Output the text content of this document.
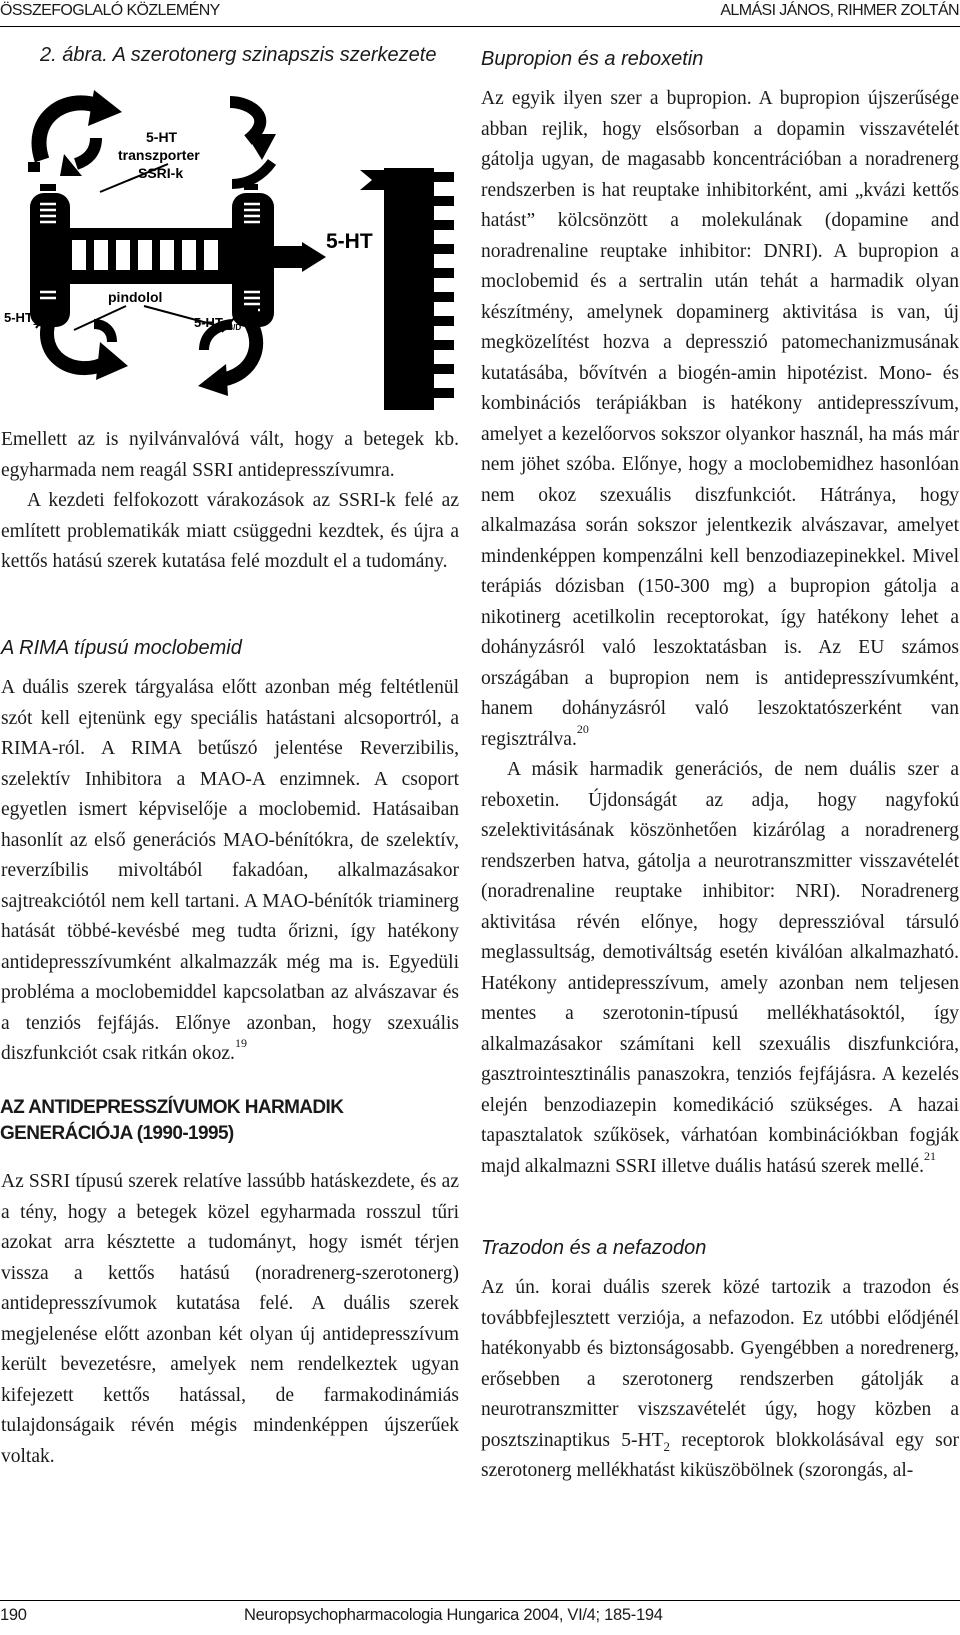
ÖSSZEFOGLALÓ KÖZLEMÉNY	ALMÁSI JÁNOS, RIHMER ZOLTÁN
2. ábra. A szerotonerg szinapszis szerkezete
5-HT
transzporter
SSRI-k
5-HT
pindolol
$5-HT_{1A}$	$5-HT_{1B/D}$

Emellett az is nyilvánvalóvá vált, hogy a betegek kb. egyharmada nem reagál SSRI antidepresszívumra.

A kezdeti felfokozott várakozások az SSRI-k felé az említett problematikák miatt csüggedni kezdtek, és újra a kettős hatású szerek kutatása felé mozdult el a tudomány.

A RIMA típusú moclobemid

A duális szerek tárgyalása előtt azonban még feltétlenül szót kell ejtenünk egy speciális hatástani alcsoportról, a RIMA-ról. A RIMA betűszó jelentése Reverzibilis, szelektív Inhibitora a MAO-A enzimnek. A csoport egyetlen ismert képviselője a moclobemid. Hatásaiban hasonlít az első generációs MAO-bénítókra, de szelektív, reverzíbilis mivoltából fakadóan, alkalmazásakor sajtreakciótól nem kell tartani. A MAO-bénítók triaminerg hatását többé-kevésbé meg tudta őrizni, így hatékony antidepresszívumként alkalmazzák még ma is. Egyedüli probléma a moclobemiddel kapcsolatban az alvászavar és a tenziós fejfájás. Előnye azonban, hogy szexuális diszfunkciót csak ritkán okoz.$^{19}$

AZ ANTIDEPRESSZÍVUMOK HARMADIK
GENERÁCIÓJA (1990-1995)

Az SSRI típusú szerek relatíve lassúbb hatáskezdete, és az a tény, hogy a betegek közel egyharmada rosszul tűri azokat arra késztette a tudományt, hogy ismét térjen vissza a kettős hatású (noradrenerg-szerotonerg) antidepresszívumok kutatása felé. A duális szerek megjelenése előtt azonban két olyan új antidepresszívum került bevezetésre, amelyek nem rendelkeztek ugyan kifejezett kettős hatással, de farmakodinámiás tulajdonságaik révén mégis mindenképpen újszerűek voltak.

Bupropion és a reboxetin

Az egyik ilyen szer a bupropion. A bupropion újszerűsége abban rejlik, hogy elsősorban a dopamin visszavételét gátolja ugyan, de magasabb koncentrációban a noradrenerg rendszerben is hat reuptake inhibitorként, ami „kvázi kettős hatást” kölcsönzött a molekulának (dopamine and noradrenaline reuptake inhibitor: DNRI). A bupropion a moclobemid és a sertralin után tehát a harmadik olyan készítmény, amelynek dopaminerg aktivitása is van, új megközelítést hozva a depresszió patomechanizmusának kutatásába, bővítvén a biogén-amin hipotézist. Mono- és kombinációs terápiákban is hatékony antidepresszívum, amelyet a kezelőorvos sokszor olyankor használ, ha más már nem jöhet szóba. Előnye, hogy a moclobemidhez hasonlóan nem okoz szexuális diszfunkciót. Hátránya, hogy alkalmazása során sokszor jelentkezik alvászavar, amelyet mindenképpen kompenzálni kell benzodiazepinekkel. Mivel terápiás dózisban (150-300 mg) a bupropion gátolja a nikotinerg acetilkolin receptorokat, így hatékony lehet a dohányzásról való leszoktatásban is. Az EU számos országában a bupropion nem is antidepresszívumként, hanem dohányzásról való leszoktatószerként van regisztrálva.$^{20}$

A másik harmadik generációs, de nem duális szer a reboxetin. Újdonságát az adja, hogy nagyfokú szelektivitásának köszönhetően kizárólag a noradrenerg rendszerben hatva, gátolja a neurotranszmitter visszavételét (noradrenaline reuptake inhibitor: NRI). Noradrenerg aktivitása révén előnye, hogy depresszióval társuló meglassultság, demotiváltság esetén kiválóan alkalmazható. Hatékony antidepresszívum, amely azonban nem teljesen mentes a szerotonin-típusú mellékhatásoktól, így alkalmazásakor számítani kell szexuális diszfunkcióra, gasztrointesztinális panaszokra, tenziós fejfájásra. A kezelés elején benzodiazepin komedikáció szükséges. A hazai tapasztalatok szűkösek, várhatóan kombinációkban fogják majd alkalmazni SSRI illetve duális hatású szerek mellé.$^{21}$

Trazodon és a nefazodon

Az ún. korai duális szerek közé tartozik a trazodon és továbbfejlesztett verziója, a nefazodon. Ez utóbbi elődjénél hatékonyabb és biztonságosabb. Gyengébben a noredrenerg, erősebben a szerotonerg rendszerben gátolják a neurotranszmitter viszszavételét úgy, hogy közben a posztszinaptikus $5-HT_2$ receptorok blokkolásával egy sor szerotonerg mellékhatást kiküszöbölnek (szorongás, al-

190	Neuropsychopharmacologia Hungarica 2004, VI/4; 185-194
